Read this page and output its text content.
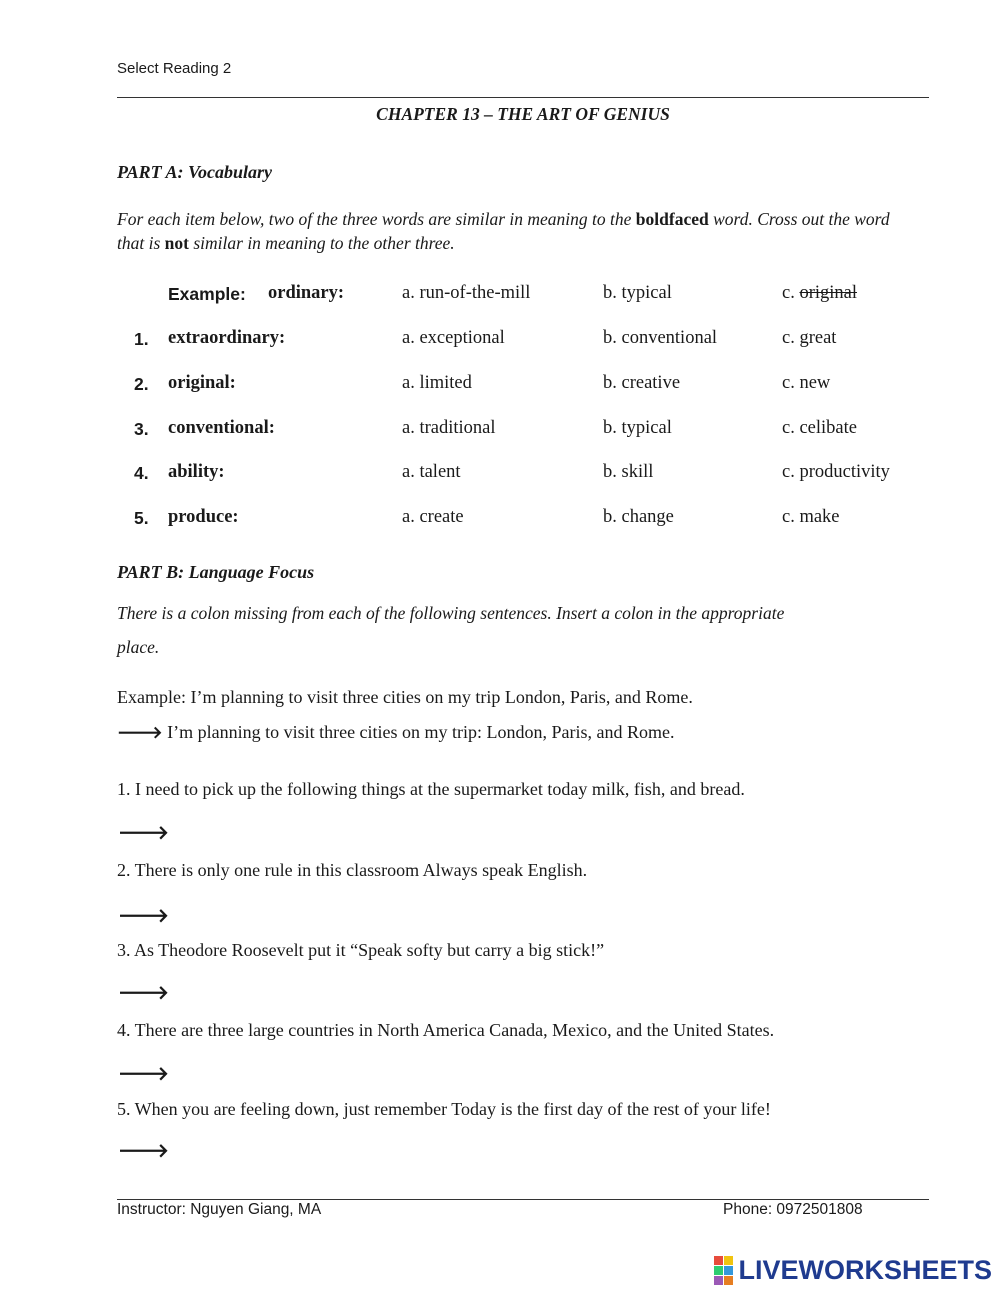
Select Reading 2
CHAPTER 13 – THE ART OF GENIUS
PART A: Vocabulary
For each item below, two of the three words are similar in meaning to the boldfaced word. Cross out the word that is not similar in meaning to the other three.
Example: ordinary:	a. run-of-the-mill	b. typical	c. original
1. extraordinary:	a. exceptional	b. conventional	c. great
2. original:	a. limited	b. creative	c. new
3. conventional:	a. traditional	b. typical	c. celibate
4. ability:	a. talent	b. skill	c. productivity
5. produce:	a. create	b. change	c. make
PART B: Language Focus
There is a colon missing from each of the following sentences. Insert a colon in the appropriate
place.
Example: I’m planning to visit three cities on my trip London, Paris, and Rome.
🡒 I’m planning to visit three cities on my trip: London, Paris, and Rome.
1. I need to pick up the following things at the supermarket today milk, fish, and bread.
🡒
2. There is only one rule in this classroom Always speak English.
🡒
3. As Theodore Roosevelt put it “Speak softy but carry a big stick!”
🡒
4. There are three large countries in North America Canada, Mexico, and the United States.
🡒
5. When you are feeling down, just remember Today is the first day of the rest of your life!
🡒
Instructor: Nguyen Giang, MA	Phone: 0972501808
LIVEWORKSHEETS
